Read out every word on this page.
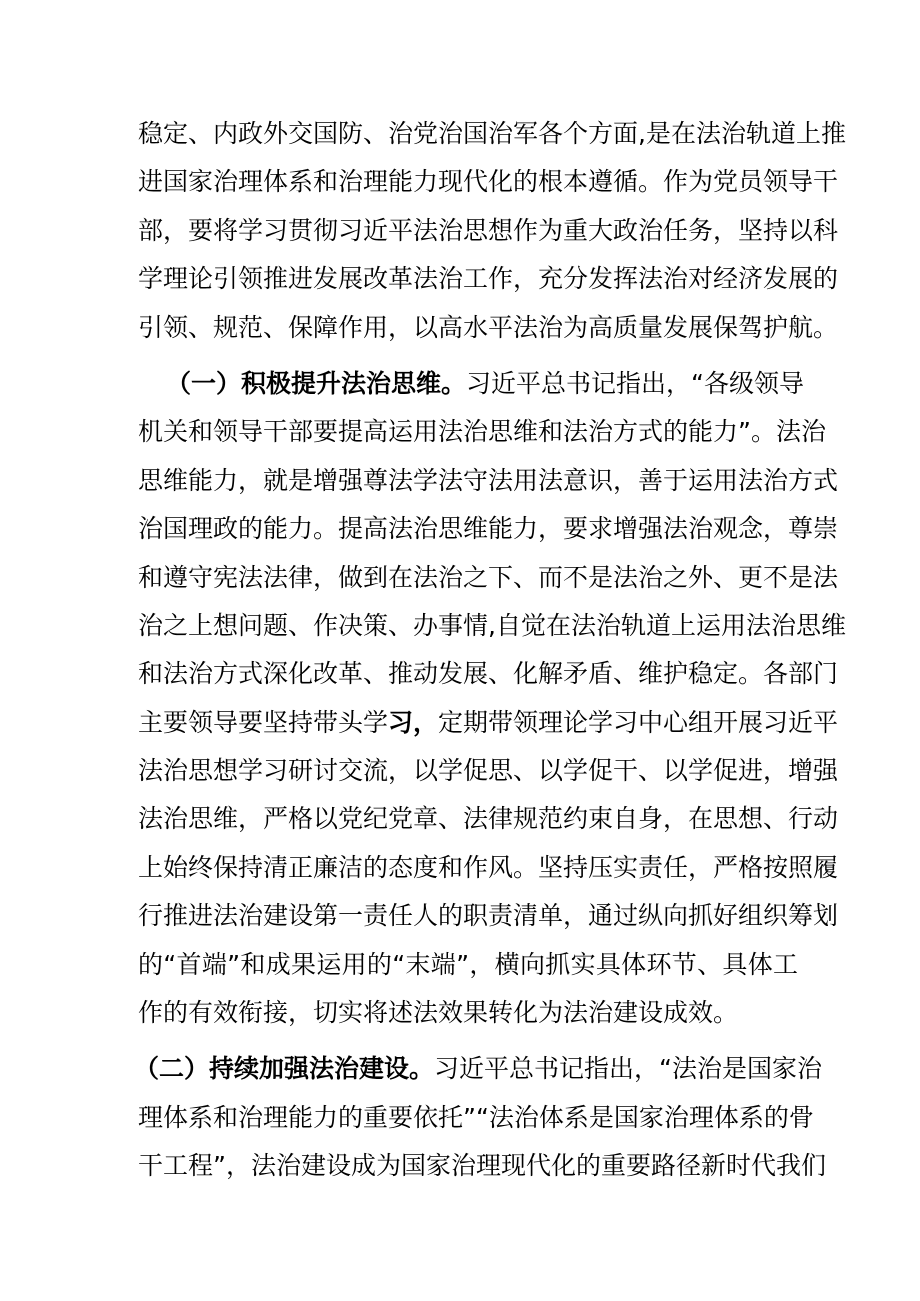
稳定、内政外交国防、治党治国治军各个方面,是在法治轨道上推
进国家治理体系和治理能力现代化的根本遵循。作为党员领导干
部，要将学习贯彻习近平法治思想作为重大政治任务，坚持以科
学理论引领推进发展改革法治工作，充分发挥法治对经济发展的
引领、规范、保障作用，以高水平法治为高质量发展保驾护航。
（一）积极提升法治思维。习近平总书记指出，“各级领导
机关和领导干部要提高运用法治思维和法治方式的能力”。法治
思维能力，就是增强尊法学法守法用法意识，善于运用法治方式
治国理政的能力。提高法治思维能力，要求增强法治观念，尊崇
和遵守宪法法律，做到在法治之下、而不是法治之外、更不是法
治之上想问题、作决策、办事情,自觉在法治轨道上运用法治思维
和法治方式深化改革、推动发展、化解矛盾、维护稳定。各部门
主要领导要坚持带头学习，定期带领理论学习中心组开展习近平
法治思想学习研讨交流，以学促思、以学促干、以学促进，增强
法治思维，严格以党纪党章、法律规范约束自身，在思想、行动
上始终保持清正廉洁的态度和作风。坚持压实责任，严格按照履
行推进法治建设第一责任人的职责清单，通过纵向抓好组织筹划
的“首端”和成果运用的“末端”，横向抓实具体环节、具体工
作的有效衔接，切实将述法效果转化为法治建设成效。
（二）持续加强法治建设。习近平总书记指出，“法治是国家治
理体系和治理能力的重要依托”“法治体系是国家治理体系的骨
干工程”，法治建设成为国家治理现代化的重要路径新时代我们
